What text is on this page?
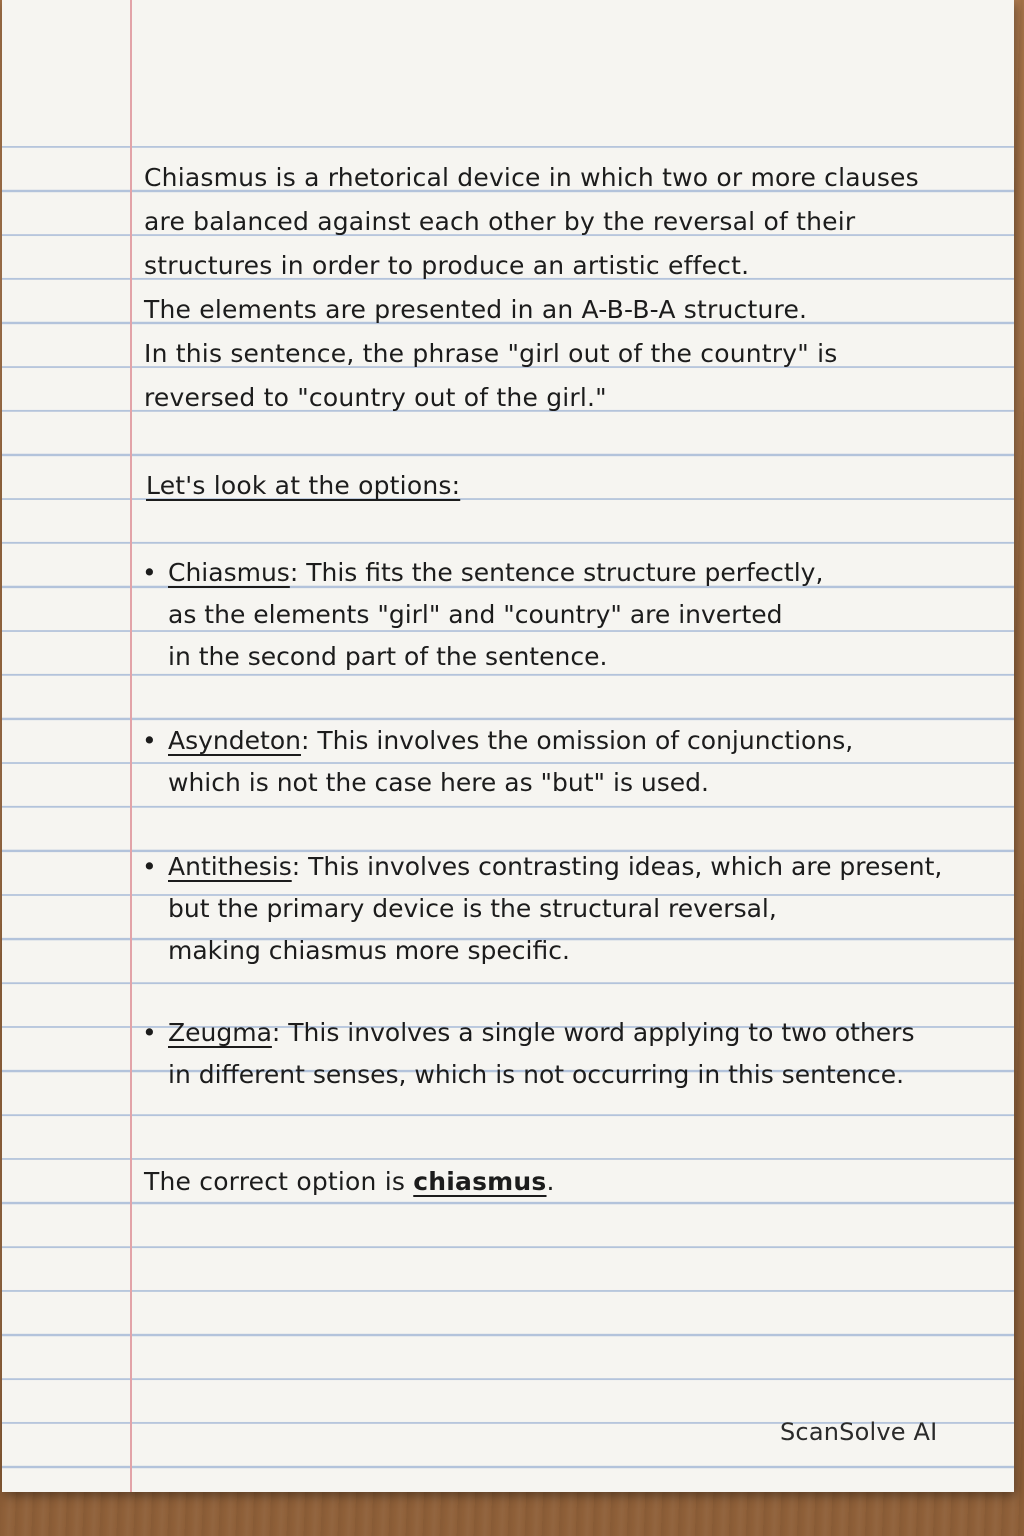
Chiasmus is a rhetorical device in which two or more clauses
are balanced against each other by the reversal of their
structures in order to produce an artistic effect.
The elements are presented in an A-B-B-A structure.
In this sentence, the phrase "girl out of the country" is
reversed to "country out of the girl."
Let's look at the options:
• Chiasmus: This fits the sentence structure perfectly,
as the elements "girl" and "country" are inverted
in the second part of the sentence.
• Asyndeton: This involves the omission of conjunctions,
which is not the case here as "but" is used.
• Antithesis: This involves contrasting ideas, which are present,
but the primary device is the structural reversal,
making chiasmus more specific.
• Zeugma: This involves a single word applying to two others
in different senses, which is not occurring in this sentence.
The correct option is chiasmus.
ScanSolve AI
